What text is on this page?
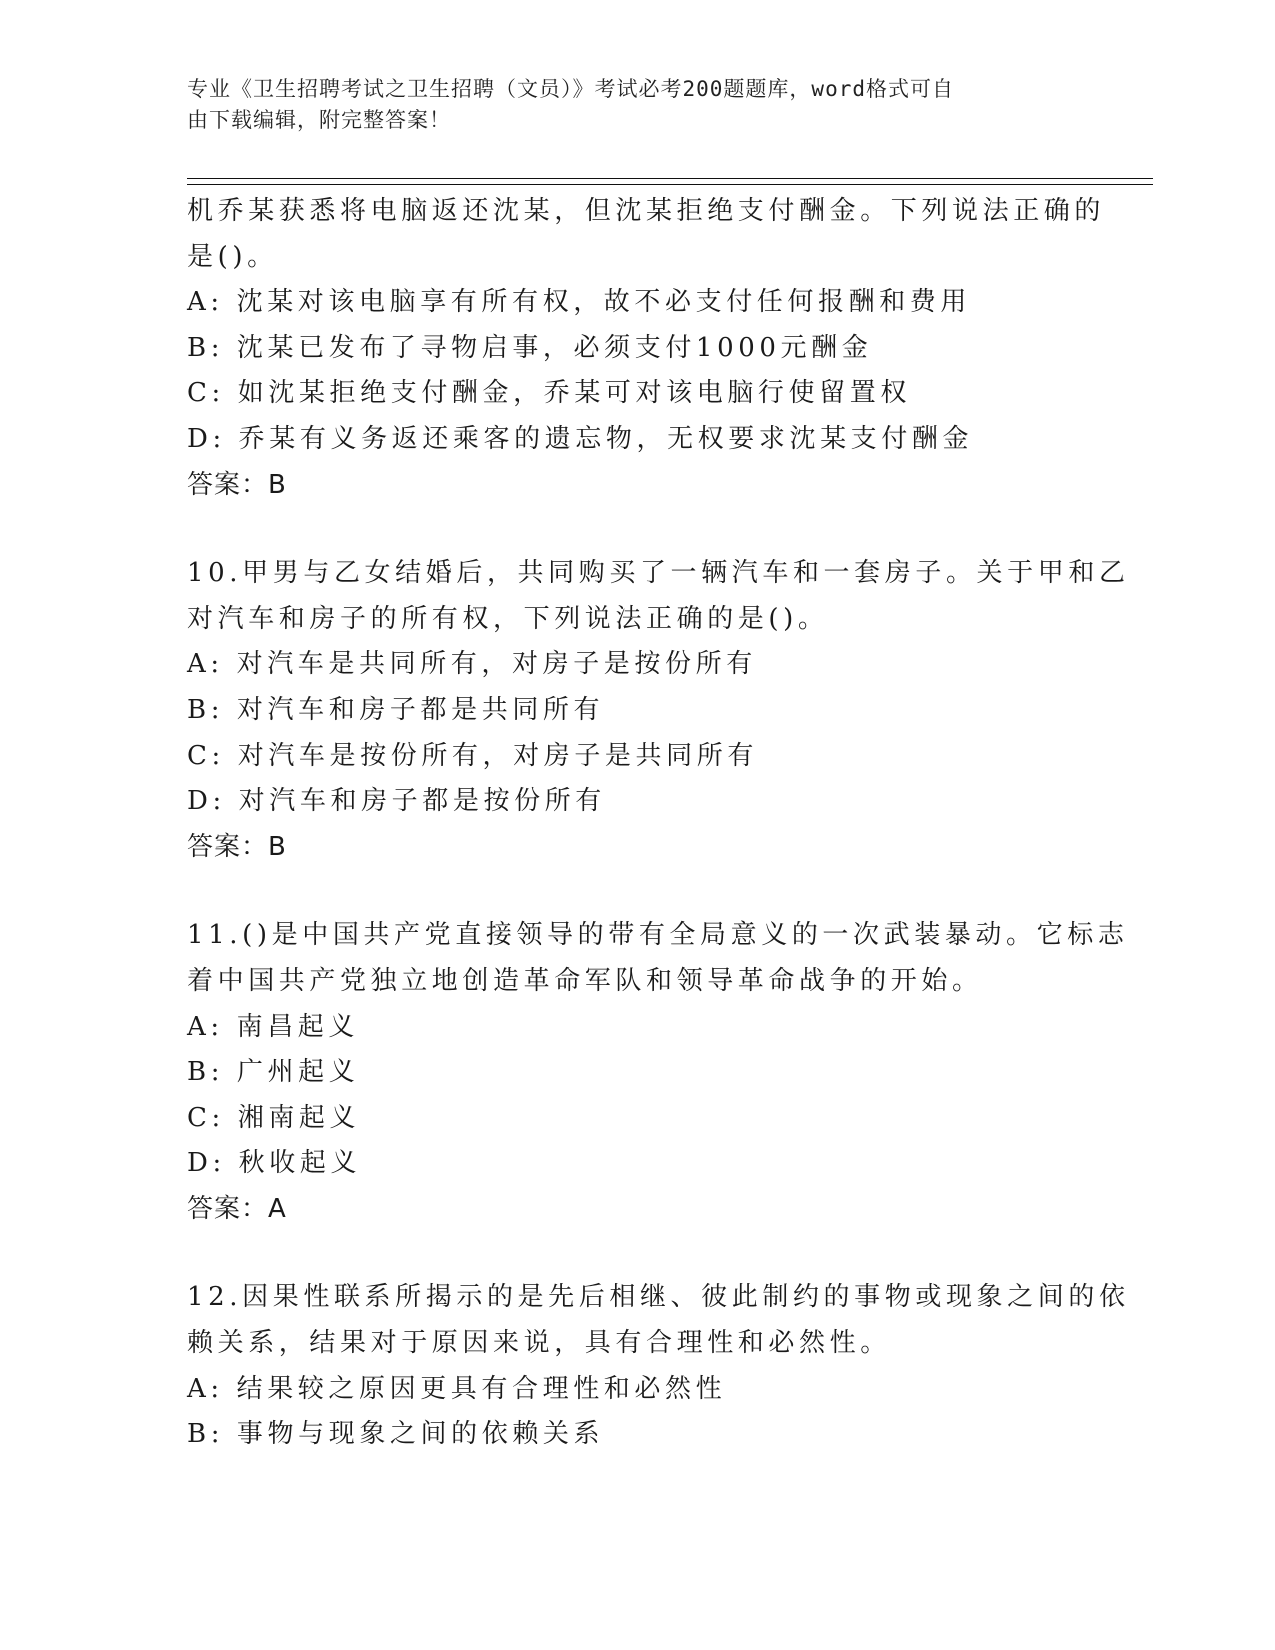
专业《卫生招聘考试之卫生招聘（文员）》考试必考200题题库，word格式可自
由下载编辑，附完整答案！
机乔某获悉将电脑返还沈某，但沈某拒绝支付酬金。下列说法正确的
是()。
A: 沈某对该电脑享有所有权，故不必支付任何报酬和费用
B: 沈某已发布了寻物启事，必须支付1000元酬金
C: 如沈某拒绝支付酬金，乔某可对该电脑行使留置权
D: 乔某有义务返还乘客的遗忘物，无权要求沈某支付酬金
答案：B
10.甲男与乙女结婚后，共同购买了一辆汽车和一套房子。关于甲和乙
对汽车和房子的所有权，下列说法正确的是()。
A: 对汽车是共同所有，对房子是按份所有
B: 对汽车和房子都是共同所有
C: 对汽车是按份所有，对房子是共同所有
D: 对汽车和房子都是按份所有
答案：B
11.()是中国共产党直接领导的带有全局意义的一次武装暴动。它标志
着中国共产党独立地创造革命军队和领导革命战争的开始。
A: 南昌起义
B: 广州起义
C: 湘南起义
D: 秋收起义
答案：A
12.因果性联系所揭示的是先后相继、彼此制约的事物或现象之间的依
赖关系，结果对于原因来说，具有合理性和必然性。
A: 结果较之原因更具有合理性和必然性
B: 事物与现象之间的依赖关系
